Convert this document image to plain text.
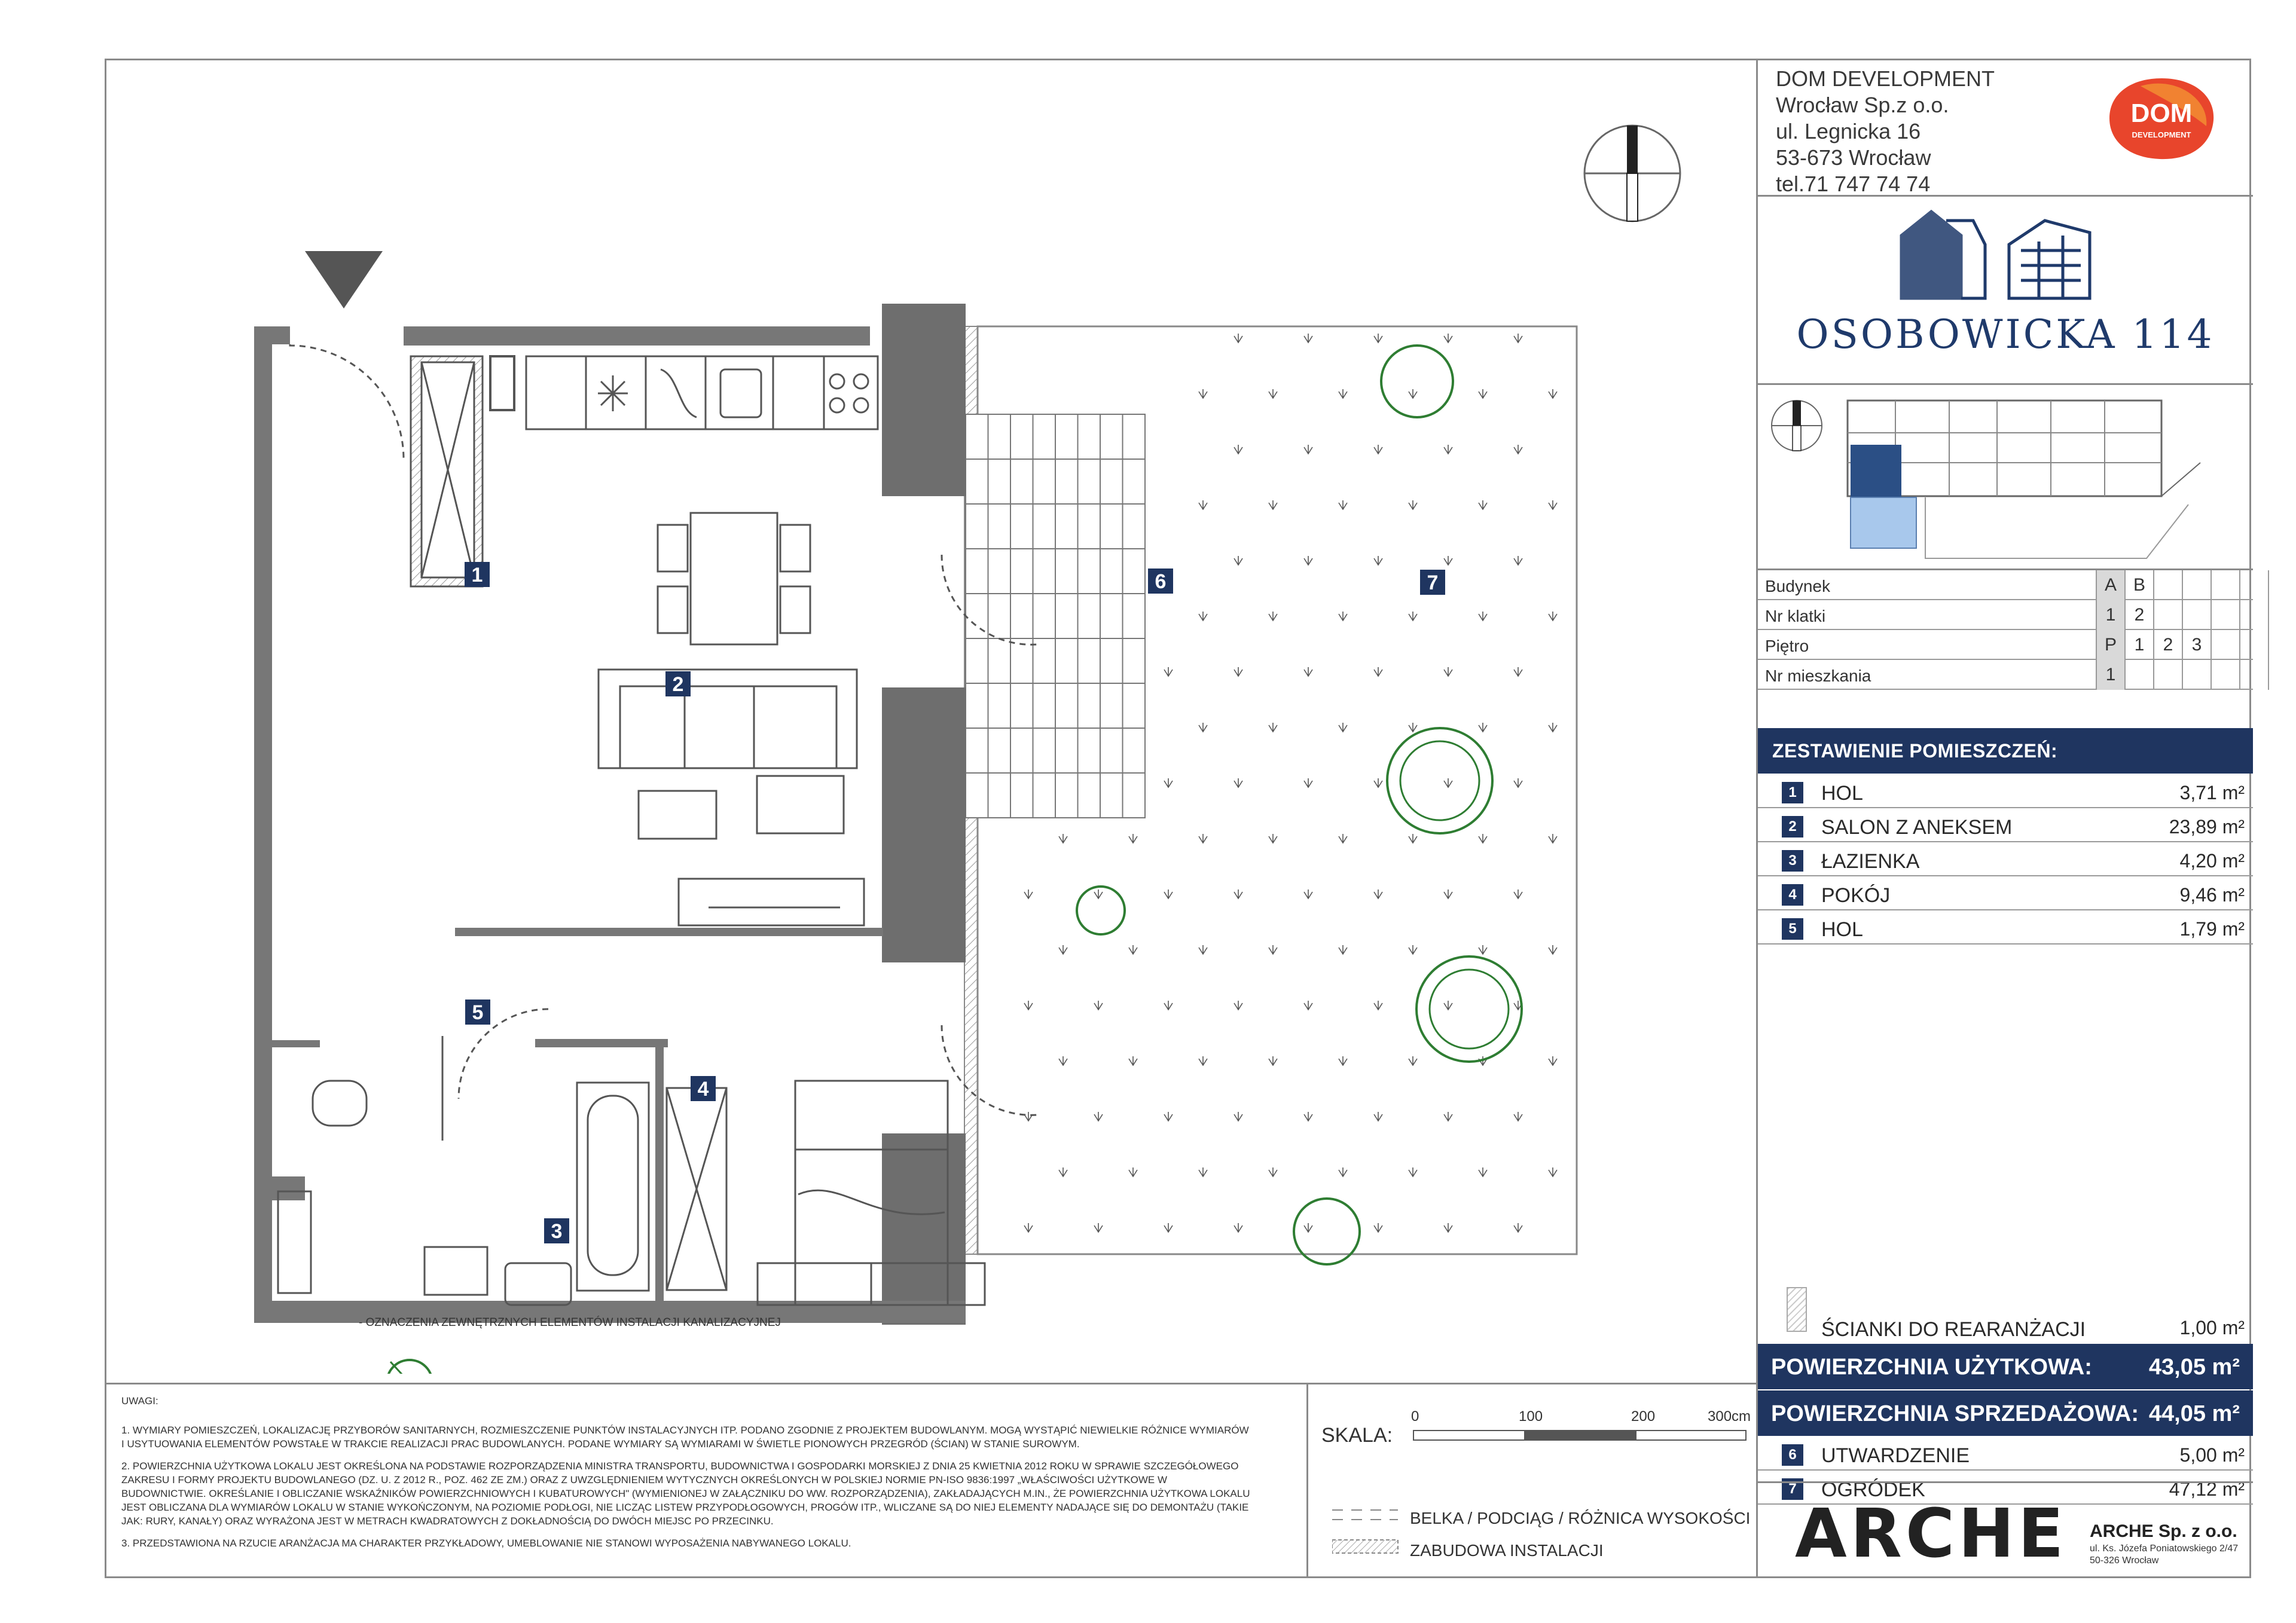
1
2
3
4
5
6	7
- OZNACZENIA ZEWNĘTRZNYCH ELEMENTÓW INSTALACJI KANALIZACYJNEJ
DOM DEVELOPMENT
Wrocław Sp.z o.o.
ul. Legnicka 16
53-673 Wrocław
tel.71 747 74 74
DOM
DEVELOPMENT
OSOBOWICKA 114
Budynek	A B
Nr klatki	1	2
Piętro	P 1	2	3
Nr mieszkania	1
ZESTAWIENIE POMIESZCZEŃ:
1	HOL	3,71 m²
2	SALON Z ANEKSEM	23,89 m²
3	ŁAZIENKA	4,20 m²
4	POKÓJ	9,46 m²
5	HOL	1,79 m²
ŚCIANKI DO REARANŻACJI	1,00 m²
POWIERZCHNIA UŻYTKOWA:	43,05 m²
POWIERZCHNIA SPRZEDAŻOWA: 44,05 m²
6	UTWARDZENIE	5,00 m²
7	OGRÓDEK	47,12 m²
ARCHE ARCHE Sp. z o.o.
ul. Ks. Józefa Poniatowskiego 2/47
50-326 Wrocław
UWAGI:
1. WYMIARY POMIESZCZEŃ, LOKALIZACJĘ PRZYBORÓW SANITARNYCH, ROZMIESZCZENIE PUNKTÓW INSTALACYJNYCH ITP. PODANO ZGODNIE Z PROJEKTEM BUDOWLANYM. MOGĄ WYSTĄPIĆ NIEWIELKIE RÓŻNICE WYMIARÓW I USYTUOWANIA ELEMENTÓW POWSTAŁE W TRAKCIE REALIZACJI PRAC BUDOWLANYCH. PODANE WYMIARY SĄ WYMIARAMI W ŚWIETLE PIONOWYCH PRZEGRÓD (ŚCIAN) W STANIE SUROWYM.
2. POWIERZCHNIA UŻYTKOWA LOKALU JEST OKREŚLONA NA PODSTAWIE ROZPORZĄDZENIA MINISTRA TRANSPORTU, BUDOWNICTWA I GOSPODARKI MORSKIEJ Z DNIA 25 KWIETNIA 2012 ROKU W SPRAWIE SZCZEGÓŁOWEGO ZAKRESU I FORMY PROJEKTU BUDOWLANEGO (DZ. U. Z 2012 R., POZ. 462 ZE ZM.) ORAZ Z UWZGLĘDNIENIEM WYTYCZNYCH OKREŚLONYCH W POLSKIEJ NORMIE PN-ISO 9836:1997 „WŁAŚCIWOŚCI UŻYTKOWE W BUDOWNICTWIE. OKREŚLANIE I OBLICZANIE WSKAŹNIKÓW POWIERZCHNIOWYCH I KUBATUROWYCH" (WYMIENIONEJ W ZAŁĄCZNIKU DO WW. ROZPORZĄDZENIA), ZAKŁADAJĄCYCH M.IN., ŻE POWIERZCHNIA UŻYTKOWA LOKALU JEST OBLICZANA DLA WYMIARÓW LOKALU W STANIE WYKOŃCZONYM, NA POZIOMIE PODŁOGI, NIE LICZĄC LISTEW PRZYPODŁOGOWYCH, PROGÓW ITP., WLICZANE SĄ DO NIEJ ELEMENTY NADAJĄCE SIĘ DO DEMONTAŻU (TAKIE JAK: RURY, KANAŁY) ORAZ WYRAŻONA JEST W METRACH KWADRATOWYCH Z DOKŁADNOŚCIĄ DO DWÓCH MIEJSC PO PRZECINKU.
3. PRZEDSTAWIONA NA RZUCIE ARANŻACJA MA CHARAKTER PRZYKŁADOWY, UMEBLOWANIE NIE STANOWI WYPOSAŻENIA NABYWANEGO LOKALU.
SKALA:
0	100	200	300cm
BELKA / PODCIĄG / RÓŻNICA WYSOKOŚCI
ZABUDOWA INSTALACJI
